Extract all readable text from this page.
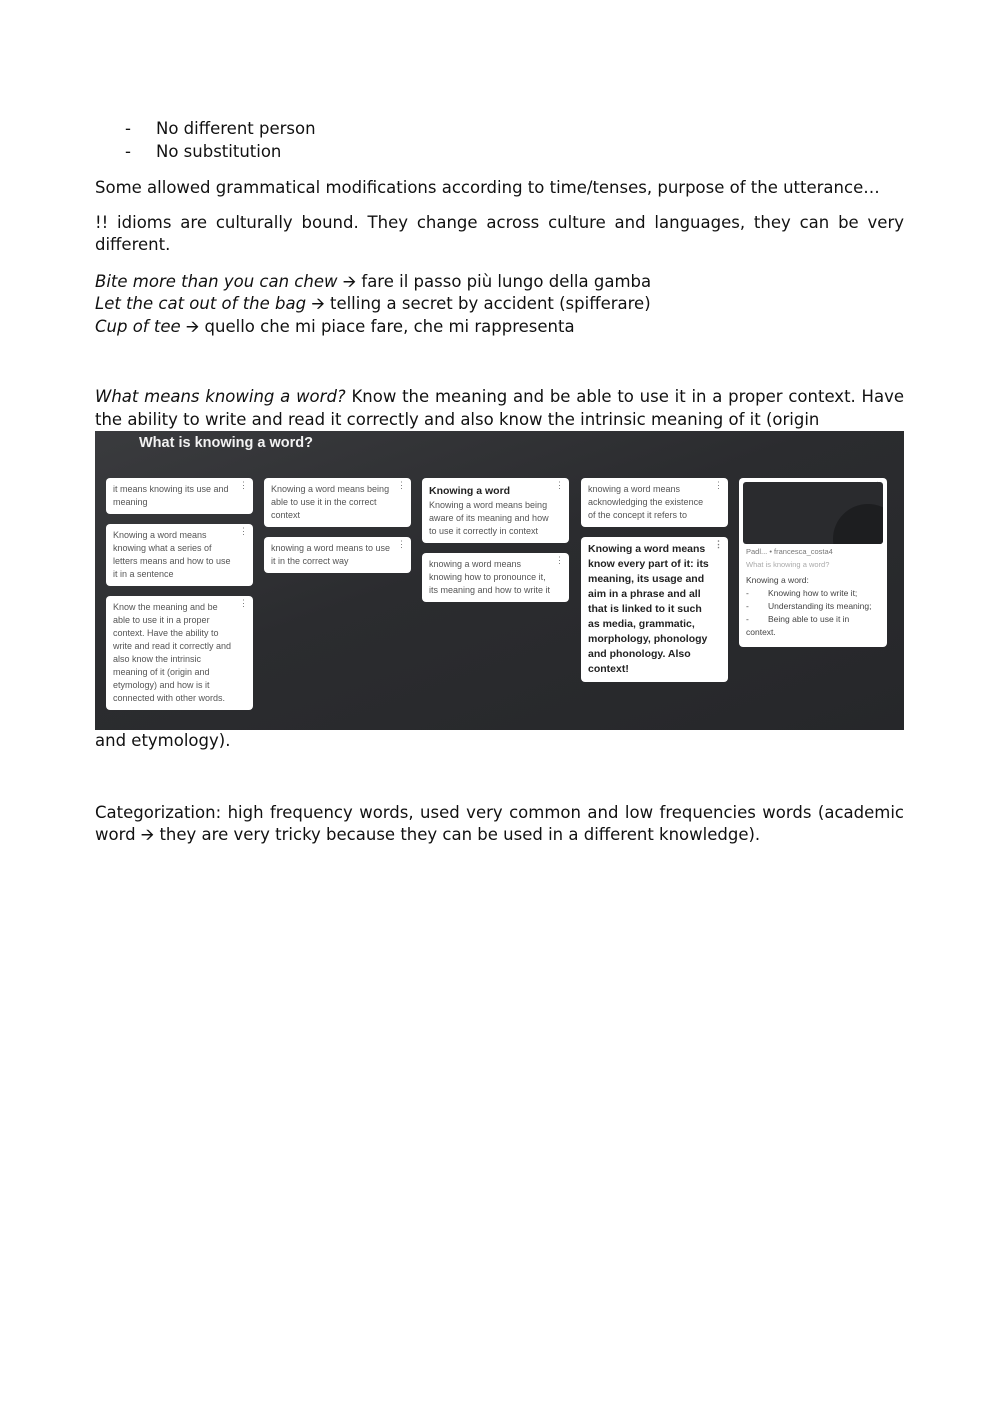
- No different person
- No substitution

Some allowed grammatical modifications according to time/tenses, purpose of the utterance…

!! idioms are culturally bound. They change across culture and languages, they can be very different.

Bite more than you can chew 🡪 fare il passo più lungo della gamba
Let the cat out of the bag 🡪 telling a secret by accident (spifferare)
Cup of tee 🡪 quello che mi piace fare, che mi rappresenta

What means knowing a word? Know the meaning and be able to use it in a proper context. Have the ability to write and read it correctly and also know the intrinsic meaning of it (origin

What is knowing a word?
⋮
it means knowing its use and meaning
⋮
Knowing a word means knowing what a series of letters means and how to use it in a sentence
⋮
Know the meaning and be able to use it in a proper context. Have the ability to write and read it correctly and also know the intrinsic meaning of it (origin and etymology) and how is it connected with other words.
⋮
Knowing a word means being able to use it in the correct context
⋮
knowing a word means to use it in the correct way
⋮
Knowing a word
Knowing a word means being aware of its meaning and how to use it correctly in context
⋮
knowing a word means knowing how to pronounce it, its meaning and how to write it
⋮
knowing a word means acknowledging the existence of the concept it refers to
⋮
Knowing a word means know every part of it: its meaning, its usage and aim in a phrase and all that is linked to it such as media, grammatic, morphology, phonology and phonology. Also context!
Padl... • francesca_costa4
What is knowing a word?
Knowing a word:
- Knowing how to write it;
- Understanding its meaning;
- Being able to use it in context.

and etymology).

Categorization: high frequency words, used very common and low frequencies words (academic word 🡪 they are very tricky because they can be used in a different knowledge).
